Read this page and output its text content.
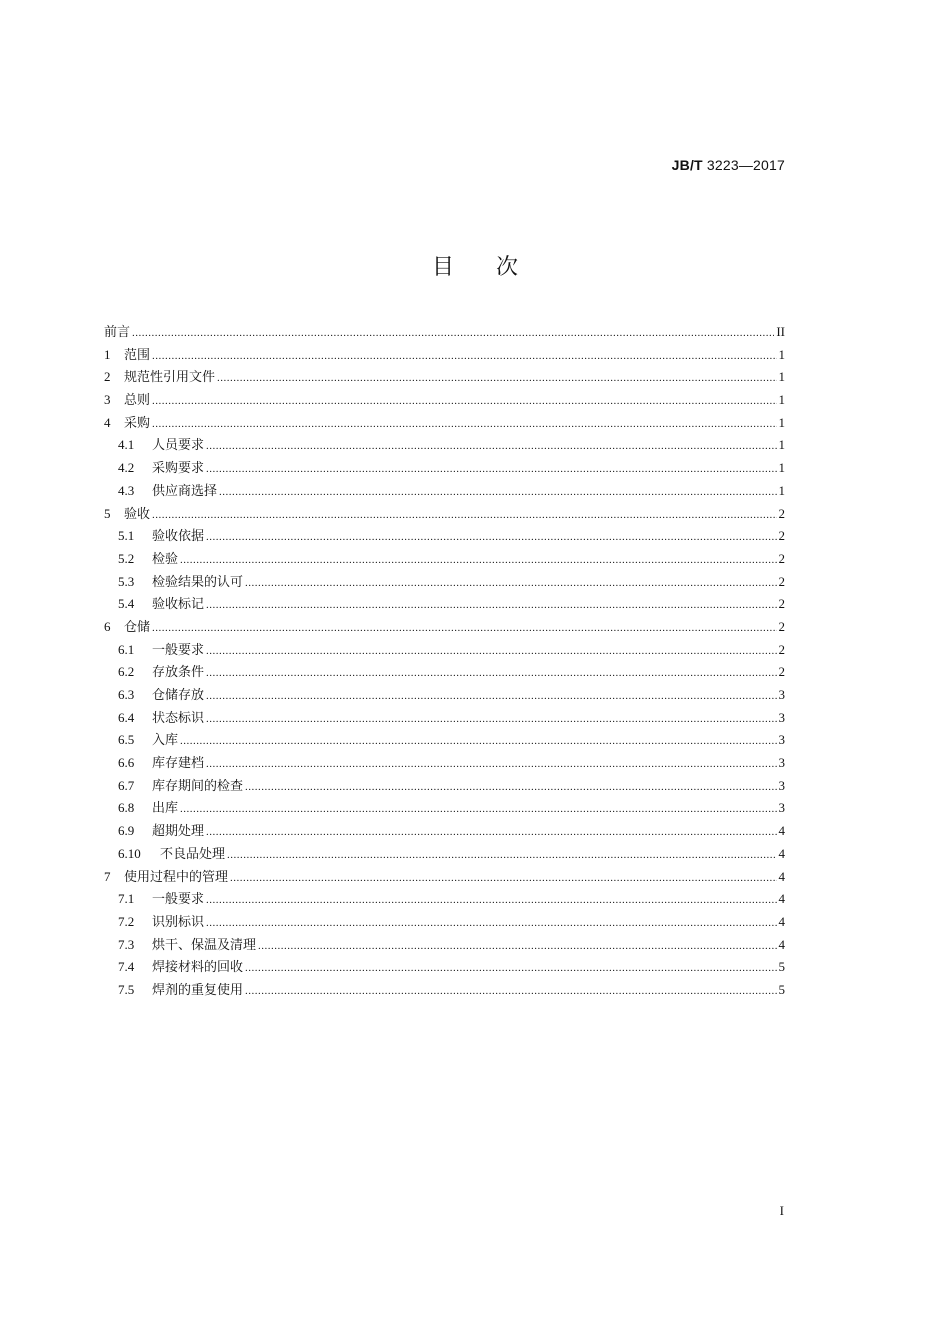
JB/T 3223—2017
目 次
前言 .....	II
1	范围 .....	1
2	规范性引用文件 .....	1
3	总则 .....	1
4	采购 .....	1
4.1	人员要求 .....	1
4.2	采购要求 .....	1
4.3	供应商选择 .....	1
5	验收 .....	2
5.1	验收依据 .....	2
5.2	检验 .....	2
5.3	检验结果的认可 .....	2
5.4	验收标记 .....	2
6	仓储 .....	2
6.1	一般要求 .....	2
6.2	存放条件 .....	2
6.3	仓储存放 .....	3
6.4	状态标识 .....	3
6.5	入库 .....	3
6.6	库存建档 .....	3
6.7	库存期间的检查 .....	3
6.8	出库 .....	3
6.9	超期处理 .....	4
6.10	不良品处理 .....	4
7	使用过程中的管理 .....	4
7.1	一般要求 .....	4
7.2	识别标识 .....	4
7.3	烘干、保温及清理 .....	4
7.4	焊接材料的回收 .....	5
7.5	焊剂的重复使用 .....	5
I
